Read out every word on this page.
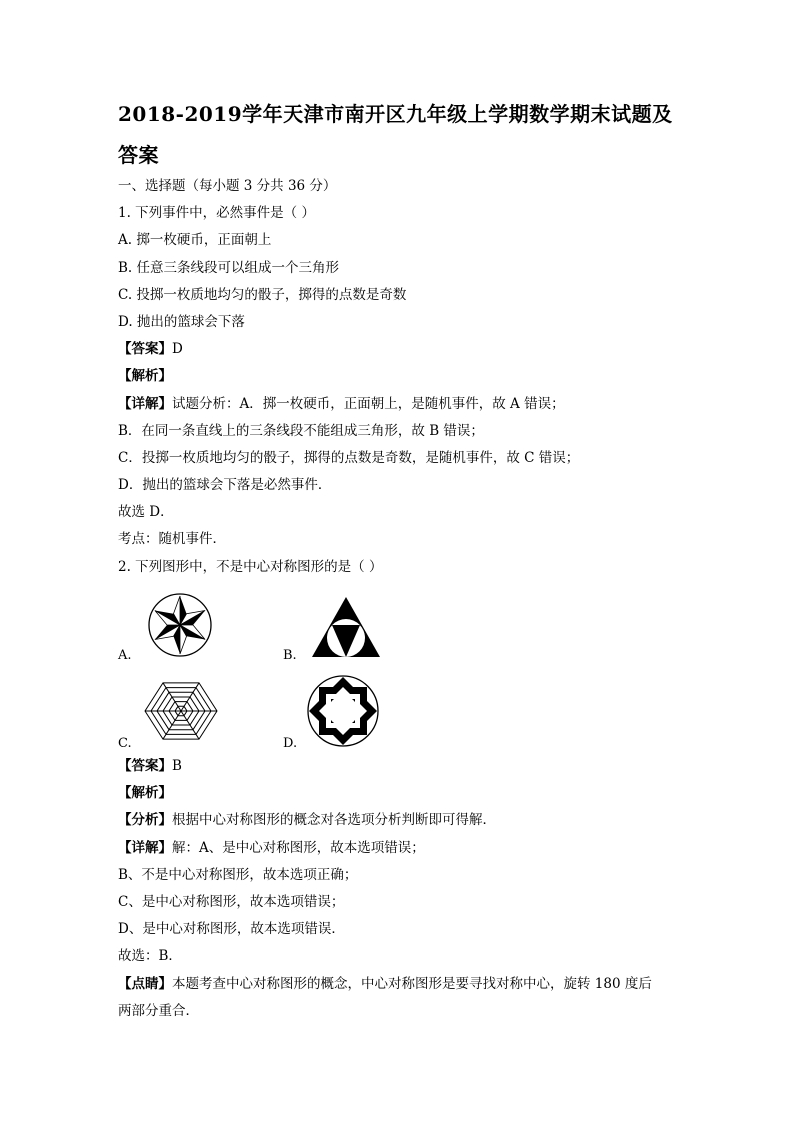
2018-2019学年天津市南开区九年级上学期数学期末试题及
答案
一、选择题（每小题 3 分共 36 分）
1. 下列事件中，必然事件是（ ）
A. 掷一枚硬币，正面朝上
B. 任意三条线段可以组成一个三角形
C. 投掷一枚质地均匀的骰子，掷得的点数是奇数
D. 抛出的篮球会下落
【答案】D
【解析】
【详解】试题分析：A．掷一枚硬币，正面朝上，是随机事件，故 A 错误；
B．在同一条直线上的三条线段不能组成三角形，故 B 错误；
C．投掷一枚质地均匀的骰子，掷得的点数是奇数，是随机事件，故 C 错误；
D．抛出的篮球会下落是必然事件．
故选 D．
考点：随机事件．
2. 下列图形中，不是中心对称图形的是（ ）
A.	B.
C.	D.
【答案】B
【解析】
【分析】根据中心对称图形的概念对各选项分析判断即可得解．
【详解】解：A、是中心对称图形，故本选项错误；
B、不是中心对称图形，故本选项正确；
C、是中心对称图形，故本选项错误；
D、是中心对称图形，故本选项错误．
故选：B．
【点睛】本题考查中心对称图形的概念，中心对称图形是要寻找对称中心，旋转 180 度后
两部分重合．
